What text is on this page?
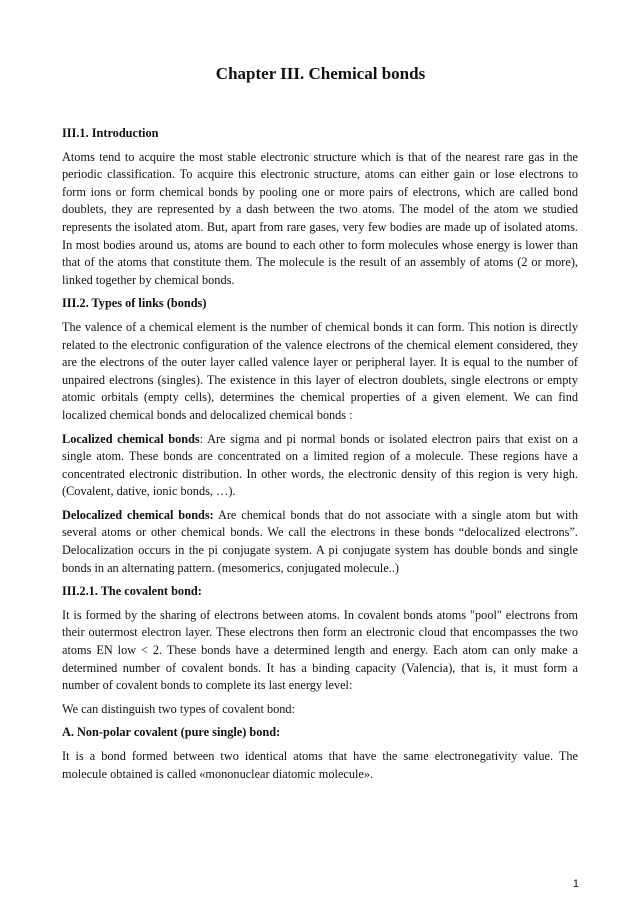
Chapter III. Chemical bonds
III.1. Introduction

Atoms tend to acquire the most stable electronic structure which is that of the nearest rare gas in the periodic classification. To acquire this electronic structure, atoms can either gain or lose electrons to form ions or form chemical bonds by pooling one or more pairs of electrons, which are called bond doublets, they are represented by a dash between the two atoms. The model of the atom we studied represents the isolated atom. But, apart from rare gases, very few bodies are made up of isolated atoms. In most bodies around us, atoms are bound to each other to form molecules whose energy is lower than that of the atoms that constitute them. The molecule is the result of an assembly of atoms (2 or more), linked together by chemical bonds.

III.2. Types of links (bonds)

The valence of a chemical element is the number of chemical bonds it can form. This notion is directly related to the electronic configuration of the valence electrons of the chemical element considered, they are the electrons of the outer layer called valence layer or peripheral layer. It is equal to the number of unpaired electrons (singles). The existence in this layer of electron doublets, single electrons or empty atomic orbitals (empty cells), determines the chemical properties of a given element. We can find localized chemical bonds and delocalized chemical bonds :

Localized chemical bonds: Are sigma and pi normal bonds or isolated electron pairs that exist on a single atom. These bonds are concentrated on a limited region of a molecule. These regions have a concentrated electronic distribution. In other words, the electronic density of this region is very high. (Covalent, dative, ionic bonds, …).

Delocalized chemical bonds: Are chemical bonds that do not associate with a single atom but with several atoms or other chemical bonds. We call the electrons in these bonds “delocalized electrons”. Delocalization occurs in the pi conjugate system. A pi conjugate system has double bonds and single bonds in an alternating pattern. (mesomerics, conjugated molecule..)

III.2.1. The covalent bond:

It is formed by the sharing of electrons between atoms. In covalent bonds atoms "pool" electrons from their outermost electron layer. These electrons then form an electronic cloud that encompasses the two atoms EN low < 2. These bonds have a determined length and energy. Each atom can only make a determined number of covalent bonds. It has a binding capacity (Valencia), that is, it must form a number of covalent bonds to complete its last energy level:

We can distinguish two types of covalent bond:

A. Non-polar covalent (pure single) bond:

It is a bond formed between two identical atoms that have the same electronegativity value. The molecule obtained is called «mononuclear diatomic molecule».

1
